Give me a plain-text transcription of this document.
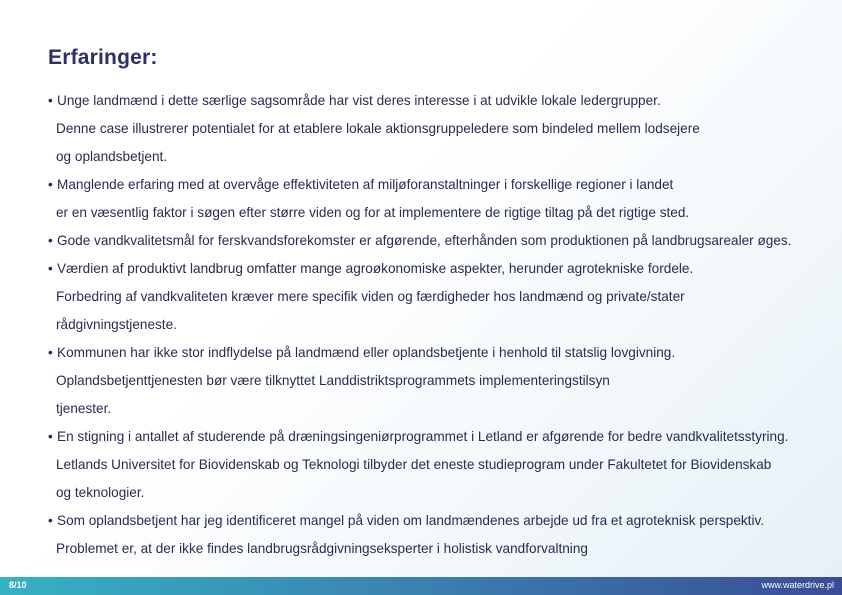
Erfaringer:
• Unge landmænd i dette særlige sagsområde har vist deres interesse i at udvikle lokale ledergrupper.
Denne case illustrerer potentialet for at etablere lokale aktionsgruppeledere som bindeled mellem lodsejere
og oplandsbetjent.
• Manglende erfaring med at overvåge effektiviteten af miljøforanstaltninger i forskellige regioner i landet
er en væsentlig faktor i søgen efter større viden og for at implementere de rigtige tiltag på det rigtige sted.
• Gode vandkvalitetsmål for ferskvandsforekomster er afgørende, efterhånden som produktionen på landbrugsarealer øges.
• Værdien af produktivt landbrug omfatter mange agroøkonomiske aspekter, herunder agrotekniske fordele.
Forbedring af vandkvaliteten kræver mere specifik viden og færdigheder hos landmænd og private/stater
rådgivningstjeneste.
• Kommunen har ikke stor indflydelse på landmænd eller oplandsbetjente i henhold til statslig lovgivning.
Oplandsbetjenttjenesten bør være tilknyttet Landdistriktsprogrammets implementeringstilsyn
tjenester.
• En stigning i antallet af studerende på dræningsingeniørprogrammet i Letland er afgørende for bedre vandkvalitetsstyring.
Letlands Universitet for Biovidenskab og Teknologi tilbyder det eneste studieprogram under Fakultetet for Biovidenskab
og teknologier.
• Som oplandsbetjent har jeg identificeret mangel på viden om landmændenes arbejde ud fra et agroteknisk perspektiv.
Problemet er, at der ikke findes landbrugsrådgivningseksperter i holistisk vandforvaltning
8/10	www.waterdrive.pl
